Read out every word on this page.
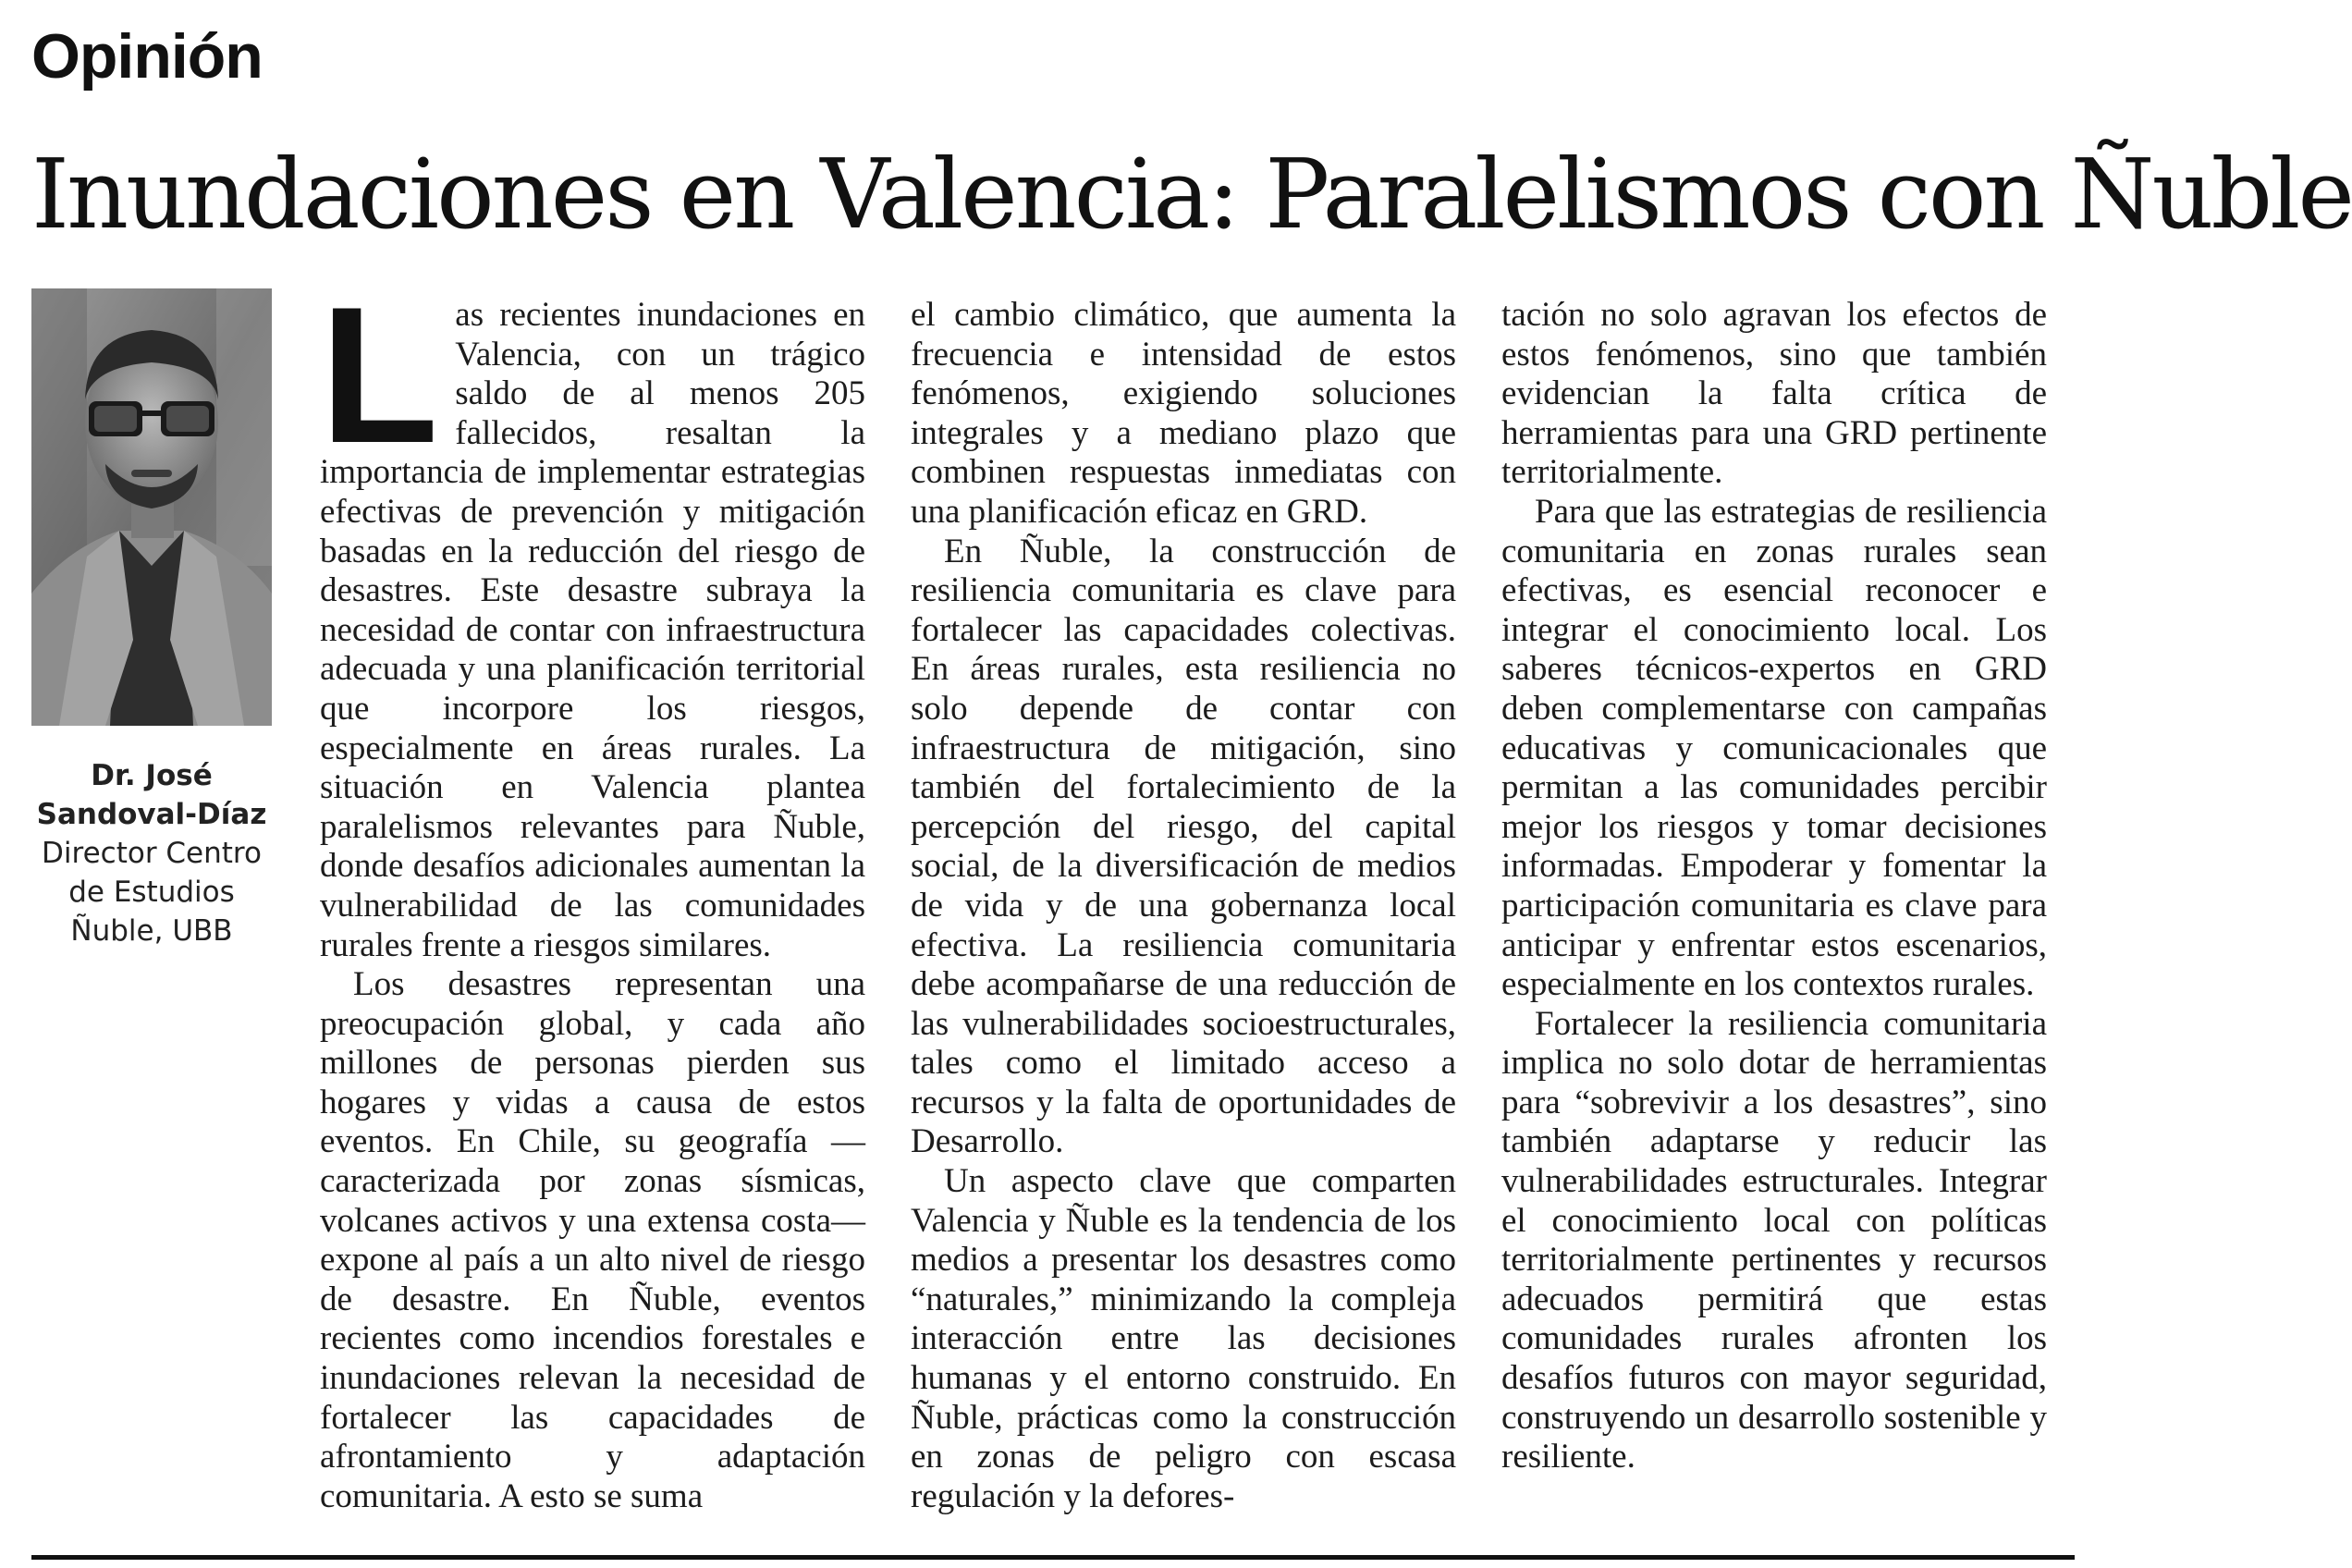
Opinión
Inundaciones en Valencia: Paralelismos con Ñuble
Dr. José Sandoval-Díaz
Director Centro de Estudios Ñuble, UBB
L as recientes inundaciones en Valencia, con un trágico saldo de al menos 205 fallecidos, resaltan la importancia de implementar estrategias efectivas de prevención y mitigación basadas en la reducción del riesgo de desastres. Este desastre subraya la necesidad de contar con infraestructura adecuada y una planificación territorial que incorpore los riesgos, especialmente en áreas rurales. La situación en Valencia plantea paralelismos relevantes para Ñuble, donde desafíos adicionales aumentan la vulnerabilidad de las comunidades rurales frente a riesgos similares.

Los desastres representan una preocupación global, y cada año millones de personas pierden sus hogares y vidas a causa de estos eventos. En Chile, su geografía —caracterizada por zonas sísmicas, volcanes activos y una extensa costa— expone al país a un alto nivel de riesgo de desastre. En Ñuble, eventos recientes como incendios forestales e inundaciones relevan la necesidad de fortalecer las capacidades de afrontamiento y adaptación comunitaria. A esto se suma

el cambio climático, que aumenta la frecuencia e intensidad de estos fenómenos, exigiendo soluciones integrales y a mediano plazo que combinen respuestas inmediatas con una planificación eficaz en GRD.

En Ñuble, la construcción de resiliencia comunitaria es clave para fortalecer las capacidades colectivas. En áreas rurales, esta resiliencia no solo depende de contar con infraestructura de mitigación, sino también del fortalecimiento de la percepción del riesgo, del capital social, de la diversificación de medios de vida y de una gobernanza local efectiva. La resiliencia comunitaria debe acompañarse de una reducción de las vulnerabilidades socioestructurales, tales como el limitado acceso a recursos y la falta de oportunidades de Desarrollo.

Un aspecto clave que comparten Valencia y Ñuble es la tendencia de los medios a presentar los desastres como “naturales,” minimizando la compleja interacción entre las decisiones humanas y el entorno construido. En Ñuble, prácticas como la construcción en zonas de peligro con escasa regulación y la defores-

tación no solo agravan los efectos de estos fenómenos, sino que también evidencian la falta crítica de herramientas para una GRD pertinente territorialmente.

Para que las estrategias de resiliencia comunitaria en zonas rurales sean efectivas, es esencial reconocer e integrar el conocimiento local. Los saberes técnicos-expertos en GRD deben complementarse con campañas educativas y comunicacionales que permitan a las comunidades percibir mejor los riesgos y tomar decisiones informadas. Empoderar y fomentar la participación comunitaria es clave para anticipar y enfrentar estos escenarios, especialmente en los contextos rurales.

Fortalecer la resiliencia comunitaria implica no solo dotar de herramientas para “sobrevivir a los desastres”, sino también adaptarse y reducir las vulnerabilidades estructurales. Integrar el conocimiento local con políticas territorialmente pertinentes y recursos adecuados permitirá que estas comunidades rurales afronten los desafíos futuros con mayor seguridad, construyendo un desarrollo sostenible y resiliente.
